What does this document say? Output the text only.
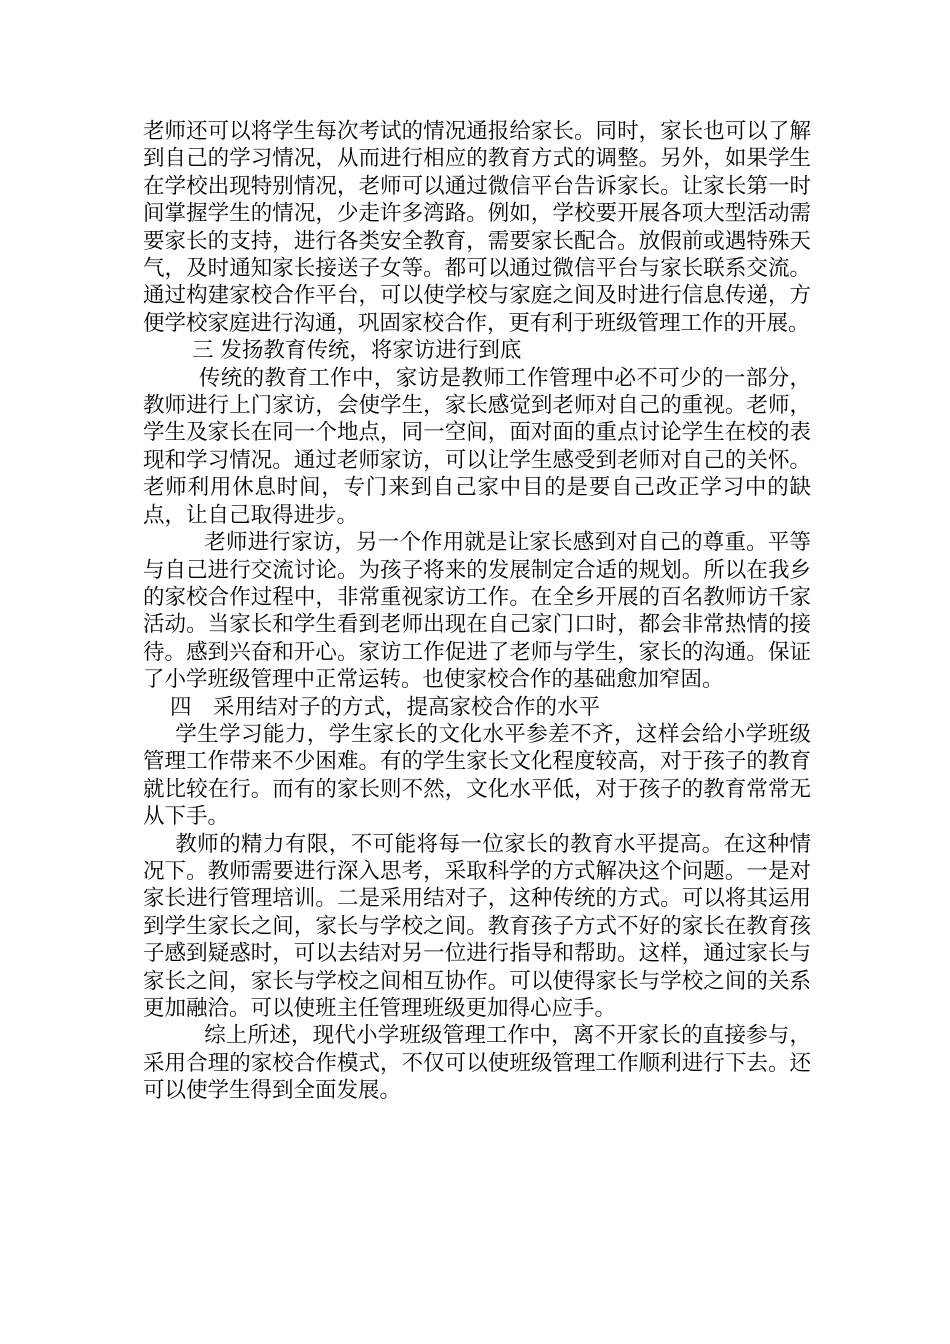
老师还可以将学生每次考试的情况通报给家长。同时，家长也可以了解到自己的学习情况，从而进行相应的教育方式的调整。另外，如果学生在学校出现特别情况，老师可以通过微信平台告诉家长。让家长第一时间掌握学生的情况，少走许多湾路。例如，学校要开展各项大型活动需要家长的支持，进行各类安全教育，需要家长配合。放假前或遇特殊天气，及时通知家长接送子女等。都可以通过微信平台与家长联系交流。通过构建家校合作平台，可以使学校与家庭之间及时进行信息传递，方便学校家庭进行沟通，巩固家校合作，更有利于班级管理工作的开展。

三 发扬教育传统，将家访进行到底

传统的教育工作中，家访是教师工作管理中必不可少的一部分，教师进行上门家访，会使学生，家长感觉到老师对自己的重视。老师，学生及家长在同一个地点，同一空间，面对面的重点讨论学生在校的表现和学习情况。通过老师家访，可以让学生感受到老师对自己的关怀。老师利用休息时间，专门来到自己家中目的是要自己改正学习中的缺点，让自己取得进步。

老师进行家访，另一个作用就是让家长感到对自己的尊重。平等与自己进行交流讨论。为孩子将来的发展制定合适的规划。所以在我乡的家校合作过程中，非常重视家访工作。在全乡开展的百名教师访千家活动。当家长和学生看到老师出现在自己家门口时，都会非常热情的接待。感到兴奋和开心。家访工作促进了老师与学生，家长的沟通。保证了小学班级管理中正常运转。也使家校合作的基础愈加窄固。

四　采用结对子的方式，提高家校合作的水平

学生学习能力，学生家长的文化水平参差不齐，这样会给小学班级管理工作带来不少困难。有的学生家长文化程度较高，对于孩子的教育就比较在行。而有的家长则不然，文化水平低，对于孩子的教育常常无从下手。

教师的精力有限，不可能将每一位家长的教育水平提高。在这种情况下。教师需要进行深入思考，采取科学的方式解决这个问题。一是对家长进行管理培训。二是采用结对子，这种传统的方式。可以将其运用到学生家长之间，家长与学校之间。教育孩子方式不好的家长在教育孩子感到疑惑时，可以去结对另一位进行指导和帮助。这样，通过家长与家长之间，家长与学校之间相互协作。可以使得家长与学校之间的关系更加融洽。可以使班主任管理班级更加得心应手。

综上所述，现代小学班级管理工作中，离不开家长的直接参与，采用合理的家校合作模式，不仅可以使班级管理工作顺利进行下去。还可以使学生得到全面发展。
